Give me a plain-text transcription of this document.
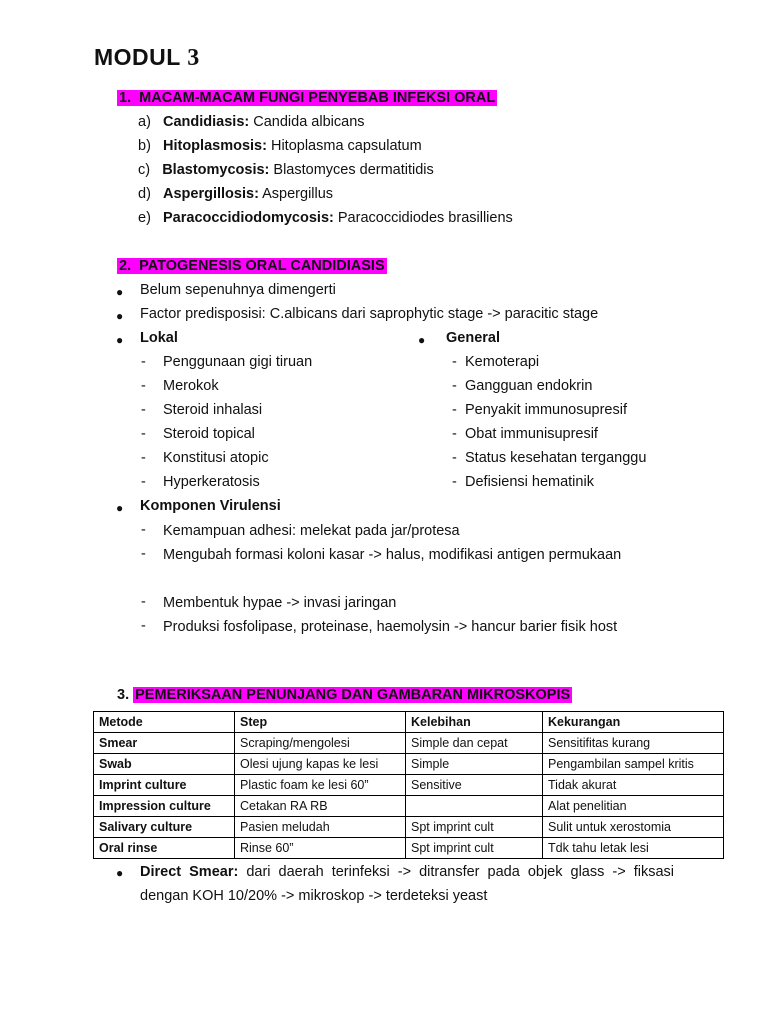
MODUL 3
1. MACAM-MACAM FUNGI PENYEBAB INFEKSI ORAL
a) Candidiasis: Candida albicans
b) Hitoplasmosis: Hitoplasma capsulatum
c) Blastomycosis: Blastomyces dermatitidis
d) Aspergillosis: Aspergillus
e) Paracoccidiodomycosis: Paracoccidiodes brasilliens
2. PATOGENESIS ORAL CANDIDIASIS
● Belum sepenuhnya dimengerti
● Factor predisposisi: C.albicans dari saprophytic stage -> paracitic stage
● Lokal
- Penggunaan gigi tiruan
- Merokok
- Steroid inhalasi
- Steroid topical
- Konstitusi atopic
- Hyperkeratosis
● General
- Kemoterapi
- Gangguan endokrin
- Penyakit immunosupresif
- Obat immunisupresif
- Status kesehatan terganggu
- Defisiensi hematinik
● Komponen Virulensi
- Kemampuan adhesi: melekat pada jar/protesa
- Mengubah formasi koloni kasar -> halus, modifikasi antigen permukaan
- Membentuk hypae -> invasi jaringan
- Produksi fosfolipase, proteinase, haemolysin -> hancur barier fisik host
3. PEMERIKSAAN PENUNJANG DAN GAMBARAN MIKROSKOPIS
Metode	Step	Kelebihan	Kekurangan
Smear	Scraping/mengolesi	Simple dan cepat	Sensitifitas kurang
Swab	Olesi ujung kapas ke lesi	Simple	Pengambilan sampel kritis
Imprint culture	Plastic foam ke lesi 60”	Sensitive	Tidak akurat
Impression culture	Cetakan RA RB		Alat penelitian
Salivary culture	Pasien meludah	Spt imprint cult	Sulit untuk xerostomia
Oral rinse	Rinse 60”	Spt imprint cult	Tdk tahu letak lesi
● Direct Smear: dari daerah terinfeksi -> ditransfer pada objek glass -> fiksasi dengan KOH 10/20% -> mikroskop -> terdeteksi yeast
